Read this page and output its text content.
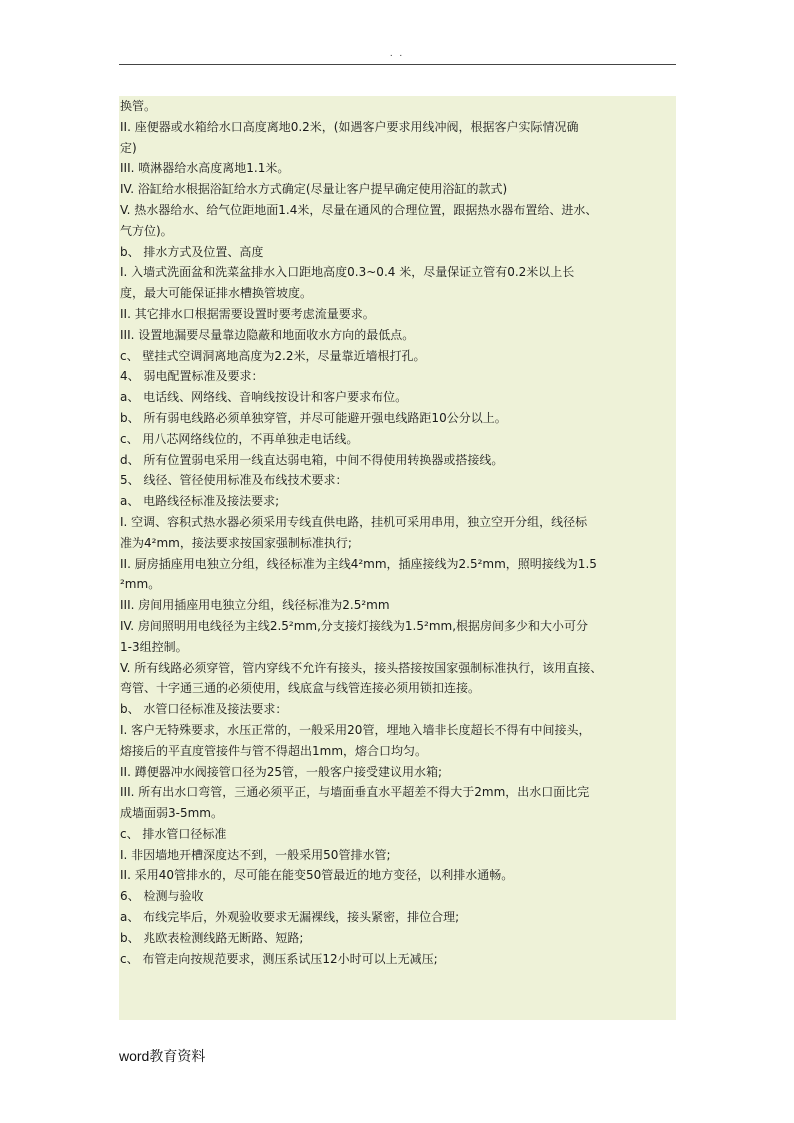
. .
换管。
II. 座便器或水箱给水口高度离地0.2米，(如遇客户要求用线冲阀，根据客户实际情况确
定)
III. 喷淋器给水高度离地1.1米。
IV. 浴缸给水根据浴缸给水方式确定(尽量让客户提早确定使用浴缸的款式)
V. 热水器给水、给气位距地面1.4米，尽量在通风的合理位置，跟据热水器布置给、进水、
气方位)。
b、 排水方式及位置、高度
I. 入墙式洗面盆和洗菜盆排水入口距地高度0.3~0.4 米，尽量保证立管有0.2米以上长
度，最大可能保证排水槽换管坡度。
II. 其它排水口根据需要设置时要考虑流量要求。
III. 设置地漏要尽量靠边隐蔽和地面收水方向的最低点。
c、 壁挂式空调洞离地高度为2.2米，尽量靠近墙根打孔。
4、 弱电配置标准及要求：
a、 电话线、网络线、音响线按设计和客户要求布位。
b、 所有弱电线路必须单独穿管，并尽可能避开强电线路距10公分以上。
c、 用八芯网络线位的，不再单独走电话线。
d、 所有位置弱电采用一线直达弱电箱，中间不得使用转换器或搭接线。
5、 线径、管径使用标准及布线技术要求：
a、 电路线径标准及接法要求;
I. 空调、容积式热水器必须采用专线直供电路，挂机可采用串用，独立空开分组，线径标
准为4²mm，接法要求按国家强制标准执行;
II. 厨房插座用电独立分组，线径标准为主线4²mm，插座接线为2.5²mm，照明接线为1.5
²mm。
III. 房间用插座用电独立分组，线径标准为2.5²mm
IV. 房间照明用电线径为主线2.5²mm,分支接灯接线为1.5²mm,根据房间多少和大小可分
1-3组控制。
V. 所有线路必须穿管，管内穿线不允许有接头，接头搭接按国家强制标准执行，该用直接、
弯管、十字通三通的必须使用，线底盒与线管连接必须用锁扣连接。
b、 水管口径标准及接法要求：
I. 客户无特殊要求，水压正常的，一般采用20管，埋地入墙非长度超长不得有中间接头，
熔接后的平直度管接件与管不得超出1mm，熔合口均匀。
II. 蹲便器冲水阀接管口径为25管，一般客户接受建议用水箱;
III. 所有出水口弯管，三通必须平正，与墙面垂直水平超差不得大于2mm，出水口面比完
成墙面弱3-5mm。
c、 排水管口径标准
I. 非因墙地开槽深度达不到，一般采用50管排水管;
II. 采用40管排水的，尽可能在能变50管最近的地方变径，以利排水通畅。
6、 检测与验收
a、 布线完毕后，外观验收要求无漏裸线，接头紧密，排位合理;
b、 兆欧表检测线路无断路、短路;
c、 布管走向按规范要求，测压系试压12小时可以上无减压;
word教育资料
